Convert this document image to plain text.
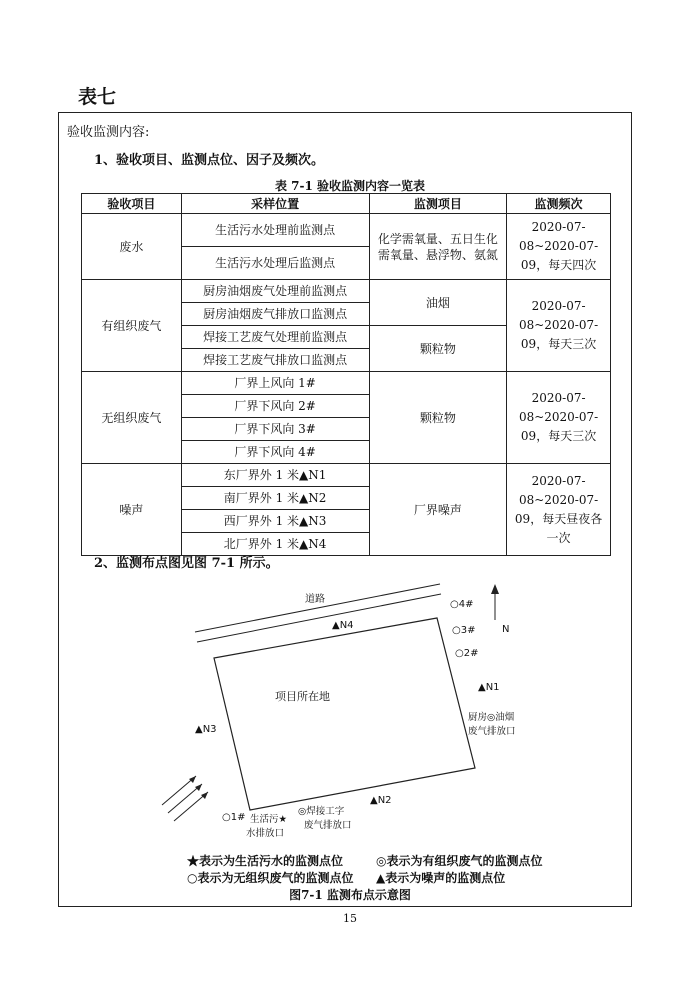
表七
验收监测内容:
1、验收项目、监测点位、因子及频次。
表 7-1 验收监测内容一览表
验收项目	采样位置	监测项目	监测频次
废水	生活污水处理前监测点	化学需氧量、五日生化需氧量、悬浮物、氨氮	2020-07-08~2020-07-09，每天四次
	生活污水处理后监测点		
有组织废气	厨房油烟废气处理前监测点	油烟	2020-07-08~2020-07-09，每天三次
	厨房油烟废气排放口监测点		
	焊接工艺废气处理前监测点	颗粒物	
	焊接工艺废气排放口监测点		
无组织废气	厂界上风向 1#	颗粒物	2020-07-08~2020-07-09，每天三次
	厂界下风向 2#		
	厂界下风向 3#		
	厂界下风向 4#		
噪声	东厂界外 1 米▲N1	厂界噪声	2020-07-08~2020-07-09，每天昼夜各一次
	南厂界外 1 米▲N2		
	西厂界外 1 米▲N3		
	北厂界外 1 米▲N4		
2、监测布点图见图 7-1 所示。
道路
项目所在地
N
○4#
○3#
○2#
▲N4
▲N1
▲N3
▲N2
○1#
厨房◎油烟
废气排放口
生活污★
水排放口
◎焊接工字
废气排放口
★表示为生活污水的监测点位	◎表示为有组织废气的监测点位
○表示为无组织废气的监测点位 ▲表示为噪声的监测点位
图7-1 监测布点示意图
15
